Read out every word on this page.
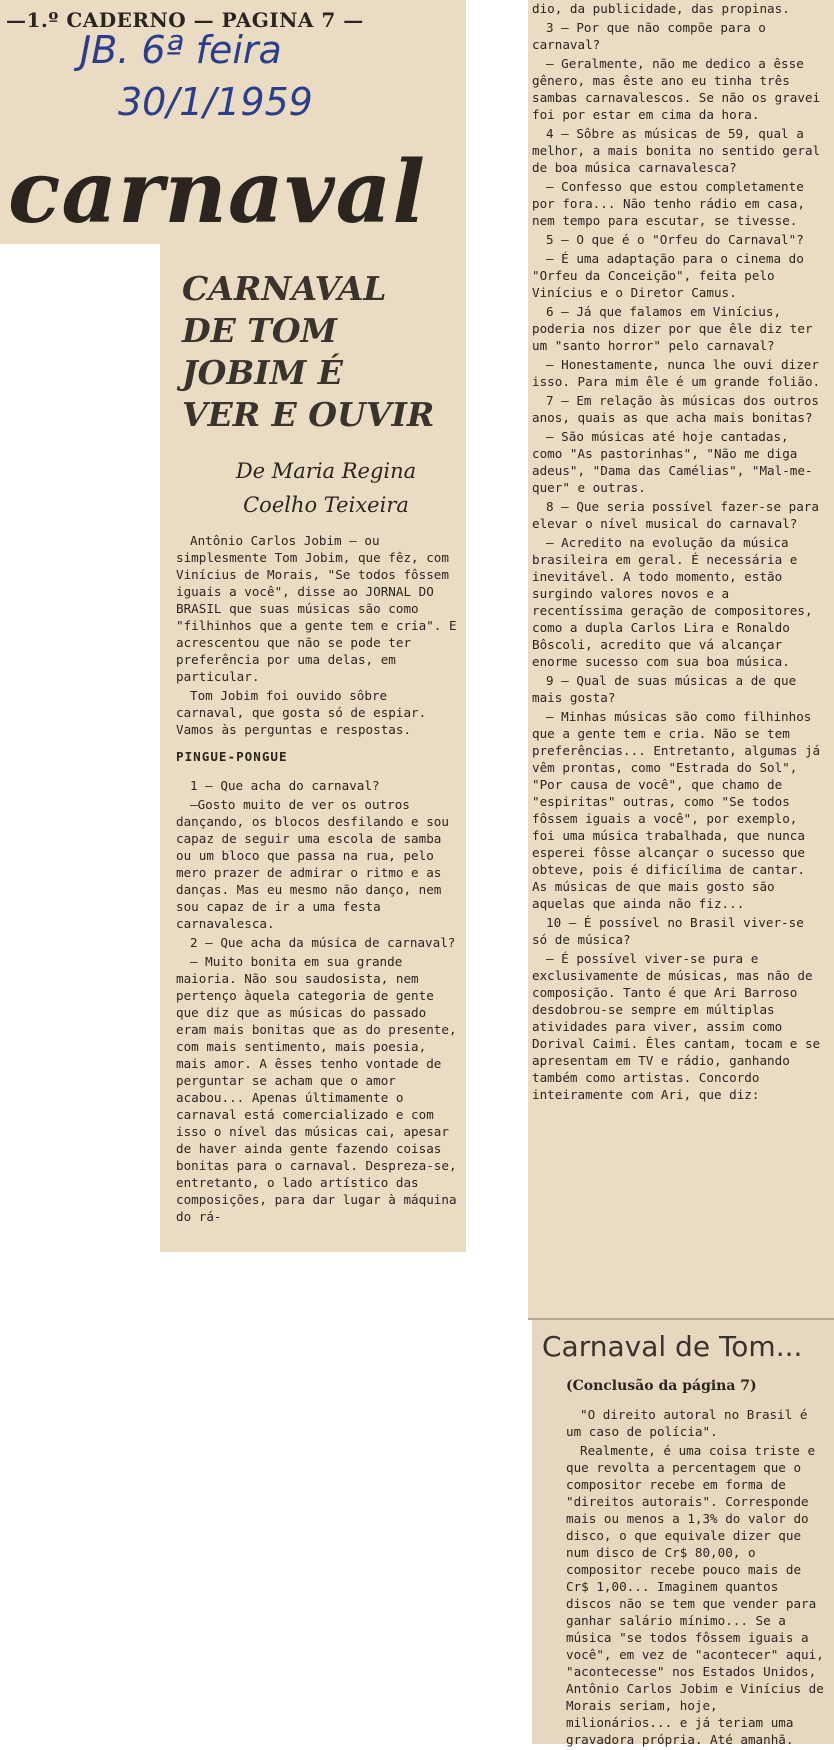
—1.º CADERNO — PAGINA 7 —
JB. 6ª feira
30/1/1959
carnaval
CARNAVAL
DE TOM
JOBIM É
VER E OUVIR
De Maria Regina
Coelho Teixeira

Antônio Carlos Jobim — ou simplesmente Tom Jobim, que fêz, com Vinícius de Morais, "Se todos fôssem iguais a você", disse ao JORNAL DO BRASIL que suas músicas são como "filhinhos que a gente tem e cria". E acrescentou que não se pode ter preferência por uma delas, em particular.

Tom Jobim foi ouvido sôbre carnaval, que gosta só de espiar. Vamos às perguntas e respostas.

PINGUE-PONGUE

1 — Que acha do carnaval?

—Gosto muito de ver os outros dançando, os blocos desfilando e sou capaz de seguir uma escola de samba ou um bloco que passa na rua, pelo mero prazer de admirar o ritmo e as danças. Mas eu mesmo não danço, nem sou capaz de ir a uma festa carnavalesca.

2 — Que acha da música de carnaval?

— Muito bonita em sua grande maioria. Não sou saudosista, nem pertenço àquela categoria de gente que diz que as músicas do passado eram mais bonitas que as do presente, com mais sentimento, mais poesia, mais amor. A êsses tenho vontade de perguntar se acham que o amor acabou... Apenas últimamente o carnaval está comercializado e com isso o nível das músicas cai, apesar de haver ainda gente fazendo coisas bonitas para o carnaval. Despreza-se, entretanto, o lado artístico das composições, para dar lugar à máquina do rá-

dio, da publicidade, das propinas.

3 — Por que não compõe para o carnaval?

— Geralmente, não me dedico a êsse gênero, mas êste ano eu tinha três sambas carnavalescos. Se não os gravei foi por estar em cima da hora.

4 — Sôbre as músicas de 59, qual a melhor, a mais bonita no sentido geral de boa música carnavalesca?

— Confesso que estou completamente por fora... Não tenho rádio em casa, nem tempo para escutar, se tivesse.

5 — O que é o "Orfeu do Carnaval"?

— É uma adaptação para o cinema do "Orfeu da Conceição", feita pelo Vinícius e o Diretor Camus.

6 — Já que falamos em Vinícius, poderia nos dizer por que êle diz ter um "santo horror" pelo carnaval?

— Honestamente, nunca lhe ouvi dizer isso. Para mim êle é um grande folião.

7 — Em relação às músicas dos outros anos, quais as que acha mais bonitas?

— São músicas até hoje cantadas, como "As pastorinhas", "Não me diga adeus", "Dama das Camélias", "Mal-me-quer" e outras.

8 — Que seria possível fazer-se para elevar o nível musical do carnaval?

— Acredito na evolução da música brasileira em geral. É necessária e inevitável. A todo momento, estão surgindo valores novos e a recentíssima geração de compositores, como a dupla Carlos Lira e Ronaldo Bôscoli, acredito que vá alcançar enorme sucesso com sua boa música.

9 — Qual de suas músicas a de que mais gosta?

— Minhas músicas são como filhinhos que a gente tem e cria. Não se tem preferências... Entretanto, algumas já vêm prontas, como "Estrada do Sol", "Por causa de você", que chamo de "espiritas" outras, como "Se todos fôssem iguais a você", por exemplo, foi uma música trabalhada, que nunca esperei fôsse alcançar o sucesso que obteve, pois é dificílima de cantar. As músicas de que mais gosto são aquelas que ainda não fiz...

10 — É possível no Brasil viver-se só de música?

— É possível viver-se pura e exclusivamente de músicas, mas não de composição. Tanto é que Ari Barroso desdobrou-se sempre em múltiplas atividades para viver, assim como Dorival Caimi. Êles cantam, tocam e se apresentam em TV e rádio, ganhando também como artistas. Concordo inteiramente com Ari, que diz:

Carnaval de Tom...
(Conclusão da página 7)

"O direito autoral no Brasil é um caso de polícia".

Realmente, é uma coisa triste e que revolta a percentagem que o compositor recebe em forma de "direitos autorais". Corresponde mais ou menos a 1,3% do valor do disco, o que equivale dizer que num disco de Cr$ 80,00, o compositor recebe pouco mais de Cr$ 1,00... Imaginem quantos discos não se tem que vender para ganhar salário mínimo... Se a música "se todos fôssem iguais a você", em vez de "acontecer" aqui, "acontecesse" nos Estados Unidos, Antônio Carlos Jobim e Vinícius de Morais seriam, hoje, milionários... e já teriam uma gravadora própria. Até amanhã.
